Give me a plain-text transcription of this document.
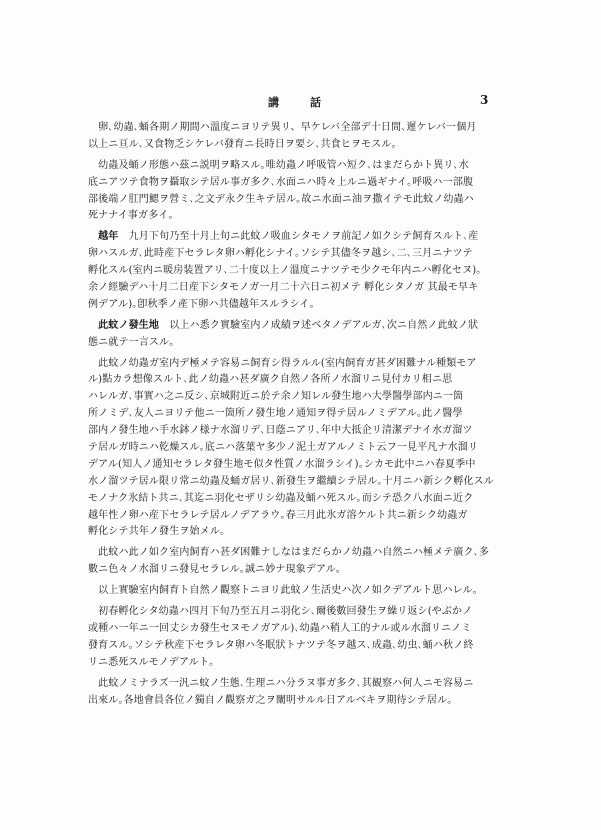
講　話	3
　卵､幼蟲､蛹各期ノ期間ハ溫度ニヨリテ異リ、早ケレバ全部デ十日間､遲ケレバ一個月
以上ニ亘ル､又食物乏シケレバ發育ニ長時日ヲ要シ､共食ヒヲモスル｡
　幼蟲及蛹ノ形態ハ茲ニ説明ヲ略スル｡唯幼蟲ノ呼吸管ハ短ク､はまだらかト異リ､水
底ニアツテ食物ヲ攝取シテ居ル事ガ多ク､水面ニハ時々上ルニ過ギナイ｡呼吸ハ一部腹
部後端ノ肛門鰓ヲ營ミ､之文デ永ク生キテ居ル｡故ニ水面ニ油ヲ撒イテモ此蚊ノ幼蟲ハ
死ナナイ事ガ多イ｡
　越年　 九月下旬乃至十月上旬ニ此蚊ノ吸血シタモノヲ前記ノ如クシテ飼育スルト､産
卵ハスルガ､此時産下セラレタ卵ハ孵化シナイ｡ソシテ其儘冬ヲ越シ､二､三月ニナツテ
孵化スル(室内ニ暖房装置アリ､二十度以上ノ溫度ニナツテモ少クモ年内ニハ孵化セヌ)｡
余ノ經驗デハ十月二日産下シタモノガ一月二十六日ニ初メテ 孵化シタノガ 其最モ早キ
例デアル)｡卽秋季ノ產下卵ハ共儘越年スルラシイ｡
　此蚊ノ發生地　 以上ハ悉ク實驗室内ノ成績ヲ述ベタノデアルガ､次ニ自然ノ此蚊ノ狀
態ニ就テ一言スル｡
　此蚊ノ幼蟲ガ室内デ極メテ容易ニ飼育シ得ラルル(室内飼育ガ甚ダ困難ナル種類モア
ル)點カラ想像スルト､此ノ幼蟲ハ甚ダ廣ク自然ノ各所ノ水溜リニ見付カリ相ニ思
ハレルガ､事實ハ之ニ反シ､京城附近ニ於テ余ノ知レル發生地ハ大學醫學部内ニ一箇
所ノミデ､友人ニヨリテ他ニ一箇所ノ發生地ノ通知ヲ得テ居ルノミデアル｡此ノ醫學
部内ノ發生地ハ手水鉢ノ様ナ水溜リデ､日蔭ニアリ､年中大抵企リ清潔デナイ水ガ溜ツ
テ居ルガ時ニハ乾燥スル｡底ニハ落葉ヤ多少ノ泥土ガアルノミト云フ一見平凡ナ水溜リ
デアル(知人ノ通知セラレタ發生地モ似タ性質ノ水溜ラシイ)｡シカモ此中ニハ春夏季中
水ノ溜ツテ居ル限リ常ニ幼蟲及蛹ガ居リ､新發生ヲ繼續シテ居ル｡十月ニハ新シク孵化スル
モノナク氷結ト共ニ､其迄ニ羽化セザリシ幼蟲及蛹ハ死スル｡而シテ恐ク八水面ニ近ク
越年性ノ卵ハ産下セラレテ居ルノデアラウ｡春三月此氷ガ溶ケルト共ニ新シク幼蟲ガ
孵化シテ共年ノ發生ヲ始メル｡
　此蚊ハ此ノ如ク室内飼育ハ甚ダ困難ナしなはまだらかノ幼蟲ハ自然ニハ極メテ廣ク､多
數ニ色々ノ水溜リニ發見セラレル｡誠ニ妙ナ現象デアル｡
　以上實驗室内飼育ト自然ノ觀察トニヨリ此蚊ノ生活史ハ次ノ如クデアルト思ハレル｡
　初春孵化シタ幼蟲ハ四月下旬乃至五月ニ羽化シ､爾後數回發生ヲ繰リ返シ(やぶかノ
或種ハ一年ニ一回丈シカ發生セヌモノガアル)､幼蟲ハ稍人工的ナル或ル水溜リニノミ
發育スル｡ソシテ秋産下セラレタ卵ハ冬眠狀トナツテ冬ヲ越ス､成蟲､幼虫､蛹ハ秋ノ終
リニ悉死スルモノデアルト｡
　此蚊ノミナラズ一汎ニ蚊ノ生態､生理ニハ分ラヌ事ガ多ク､其観察ハ何人ニモ容易ニ
出來ル｡各地會員各位ノ獨自ノ觀察ガ之ヲ闡明サルル日アルベキヲ期待シテ居ル｡
